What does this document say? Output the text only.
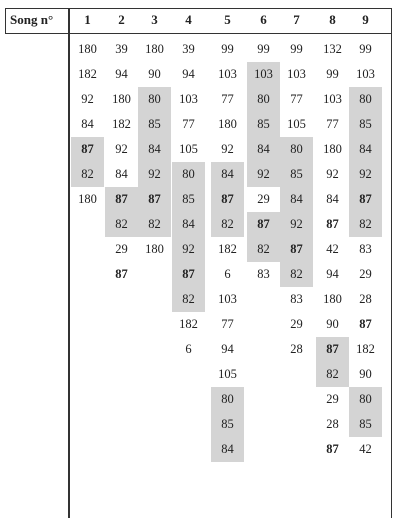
Song n°	1
180
182
92
84
87
82
180
2
39
94
180
182
92
84
87
82
29
87
3
180
90
80
85
84
92
87
82
180
4
39
94
103
77
105
80
85
84
92
87
82
182
6
5
99
103
77
180
92
84
87
82
182
6
103
77
94
105
80
85
84
6
99
103
80
85
84
92
29
87
82
83
7
99
103
77
105
80
85
84
92
87
82
83
29
28
8
132
99
103
77
180
92
84
87
42
94
180
90
87
82
29
28
87
9
99
103
80
85
84
92
87
82
83
29
28
87
182
90
80
85
42
